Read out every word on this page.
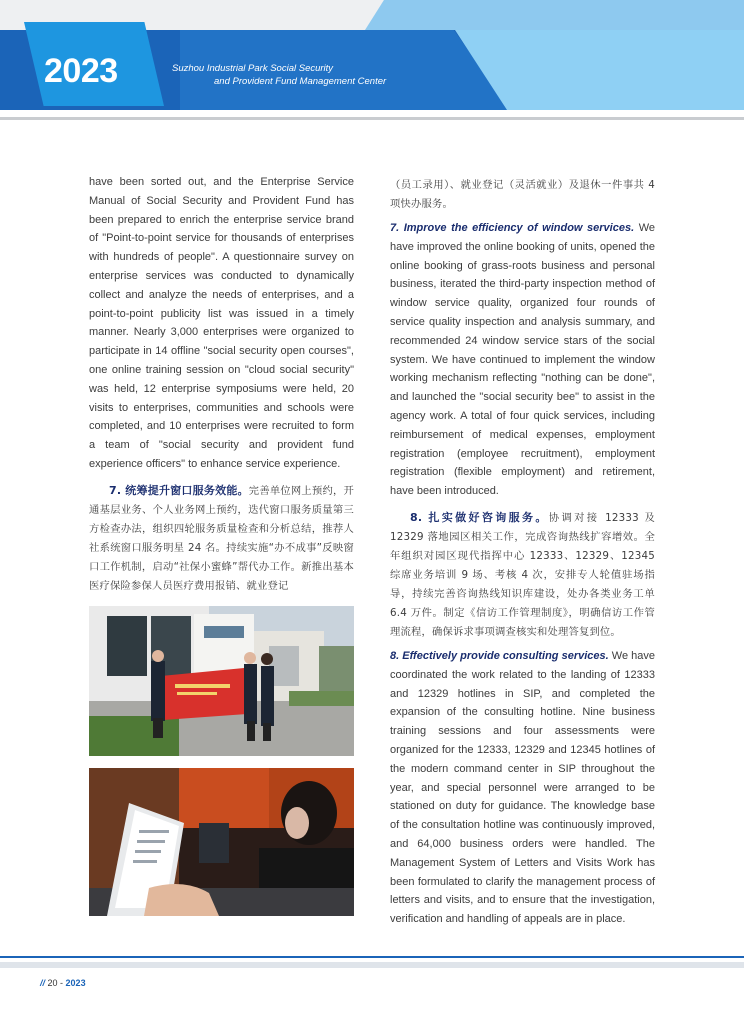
2023	Suzhou Industrial Park Social Security
and Provident Fund Management Center

have been sorted out, and the Enterprise Service Manual of Social Security and Provident Fund has been prepared to enrich the enterprise service brand of "Point-to-point service for thousands of enterprises with hundreds of people". A questionnaire survey on enterprise services was conducted to dynamically collect and analyze the needs of enterprises, and a point-to-point publicity list was issued in a timely manner. Nearly 3,000 enterprises were organized to participate in 14 offline "social security open courses", one online training session on "cloud social security" was held, 12 enterprise symposiums were held, 20 visits to enterprises, communities and schools were completed, and 10 enterprises were recruited to form a team of "social security and provident fund experience officers" to enhance service experience.

7. 统筹提升窗口服务效能。完善单位网上预约，开通基层业务、个人业务网上预约，迭代窗口服务质量第三方检查办法，组织四轮服务质量检查和分析总结，推荐人社系统窗口服务明星 24 名。持续实施“办不成事”反映窗口工作机制，启动“社保小蜜蜂”帮代办工作。新推出基本医疗保险参保人员医疗费用报销、就业登记

（员工录用）、就业登记（灵活就业）及退休一件事共 4 项快办服务。

7. Improve the efficiency of window services. We have improved the online booking of units, opened the online booking of grass-roots business and personal business, iterated the third-party inspection method of window service quality, organized four rounds of service quality inspection and analysis summary, and recommended 24 window service stars of the social system. We have continued to implement the window working mechanism reflecting "nothing can be done", and launched the "social security bee" to assist in the agency work. A total of four quick services, including reimbursement of medical expenses, employment registration (employee recruitment), employment registration (flexible employment) and retirement, have been introduced.

8. 扎实做好咨询服务。协调对接 12333 及 12329 落地园区相关工作，完成咨询热线扩容增效。全年组织对园区现代指挥中心 12333、12329、12345 综席业务培训 9 场、考核 4 次，安排专人轮值驻场指导，持续完善咨询热线知识库建设，处办各类业务工单 6.4 万件。制定《信访工作管理制度》，明确信访工作管理流程，确保诉求事项调查核实和处理答复到位。

8. Effectively provide consulting services. We have coordinated the work related to the landing of 12333 and 12329 hotlines in SIP, and completed the expansion of the consulting hotline. Nine business training sessions and four assessments were organized for the 12333, 12329 and 12345 hotlines of the modern command center in SIP throughout the year, and special personnel were arranged to be stationed on duty for guidance. The knowledge base of the consultation hotline was continuously improved, and 64,000 business orders were handled. The Management System of Letters and Visits Work has been formulated to clarify the management process of letters and visits, and to ensure that the investigation, verification and handling of appeals are in place.

// 20 - 2023
